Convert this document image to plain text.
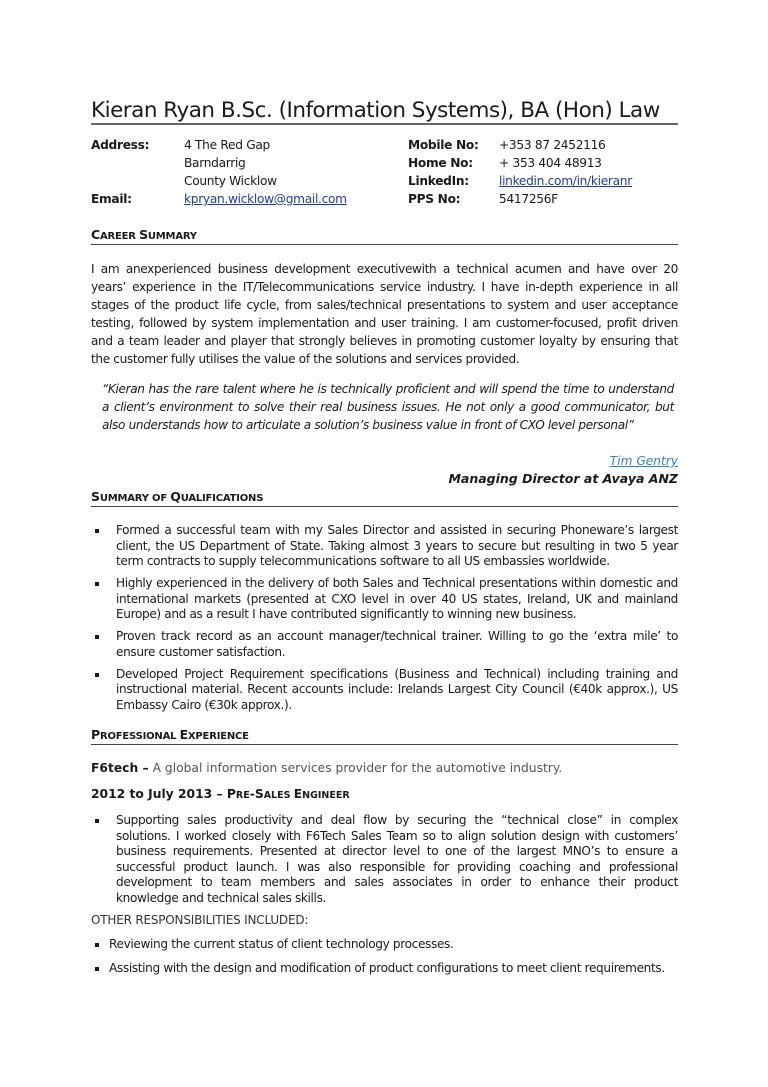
Kieran Ryan B.Sc. (Information Systems), BA (Hon) Law
Address:	4 The Red Gap	Mobile No: +353 87 2452116
Barndarrig	Home No: + 353 404 48913
County Wicklow	LinkedIn: linkedin.com/in/kieranr
Email:	kpryan.wicklow@gmail.com	PPS No:	5417256F
CAREER SUMMARY
I am anexperienced business development executivewith a technical acumen and have over 20 years’ experience in the IT/Telecommunications service industry. I have in-depth experience in all stages of the product life cycle, from sales/technical presentations to system and user acceptance testing, followed by system implementation and user training. I am customer-focused, profit driven and a team leader and player that strongly believes in promoting customer loyalty by ensuring that the customer fully utilises the value of the solutions and services provided.
“Kieran has the rare talent where he is technically proficient and will spend the time to understand a client’s environment to solve their real business issues. He not only a good communicator, but also understands how to articulate a solution’s business value in front of CXO level personal”
Tim Gentry
Managing Director at Avaya ANZ
SUMMARY OF QUALIFICATIONS
Formed a successful team with my Sales Director and assisted in securing Phoneware’s largest client, the US Department of State. Taking almost 3 years to secure but resulting in two 5 year term contracts to supply telecommunications software to all US embassies worldwide.
Highly experienced in the delivery of both Sales and Technical presentations within domestic and international markets (presented at CXO level in over 40 US states, Ireland, UK and mainland Europe) and as a result I have contributed significantly to winning new business.
Proven track record as an account manager/technical trainer. Willing to go the ‘extra mile’ to ensure customer satisfaction.
Developed Project Requirement specifications (Business and Technical) including training and instructional material. Recent accounts include: Irelands Largest City Council (€40k approx.), US Embassy Cairo (€30k approx.).
PROFESSIONAL EXPERIENCE
F6tech – A global information services provider for the automotive industry.
2012 to July 2013 – PRE-SALES ENGINEER
Supporting sales productivity and deal flow by securing the “technical close” in complex solutions. I worked closely with F6Tech Sales Team so to align solution design with customers’ business requirements. Presented at director level to one of the largest MNO’s to ensure a successful product launch. I was also responsible for providing coaching and professional development to team members and sales associates in order to enhance their product knowledge and technical sales skills.
OTHER RESPONSIBILITIES INCLUDED:
Reviewing the current status of client technology processes.
Assisting with the design and modification of product configurations to meet client requirements.
